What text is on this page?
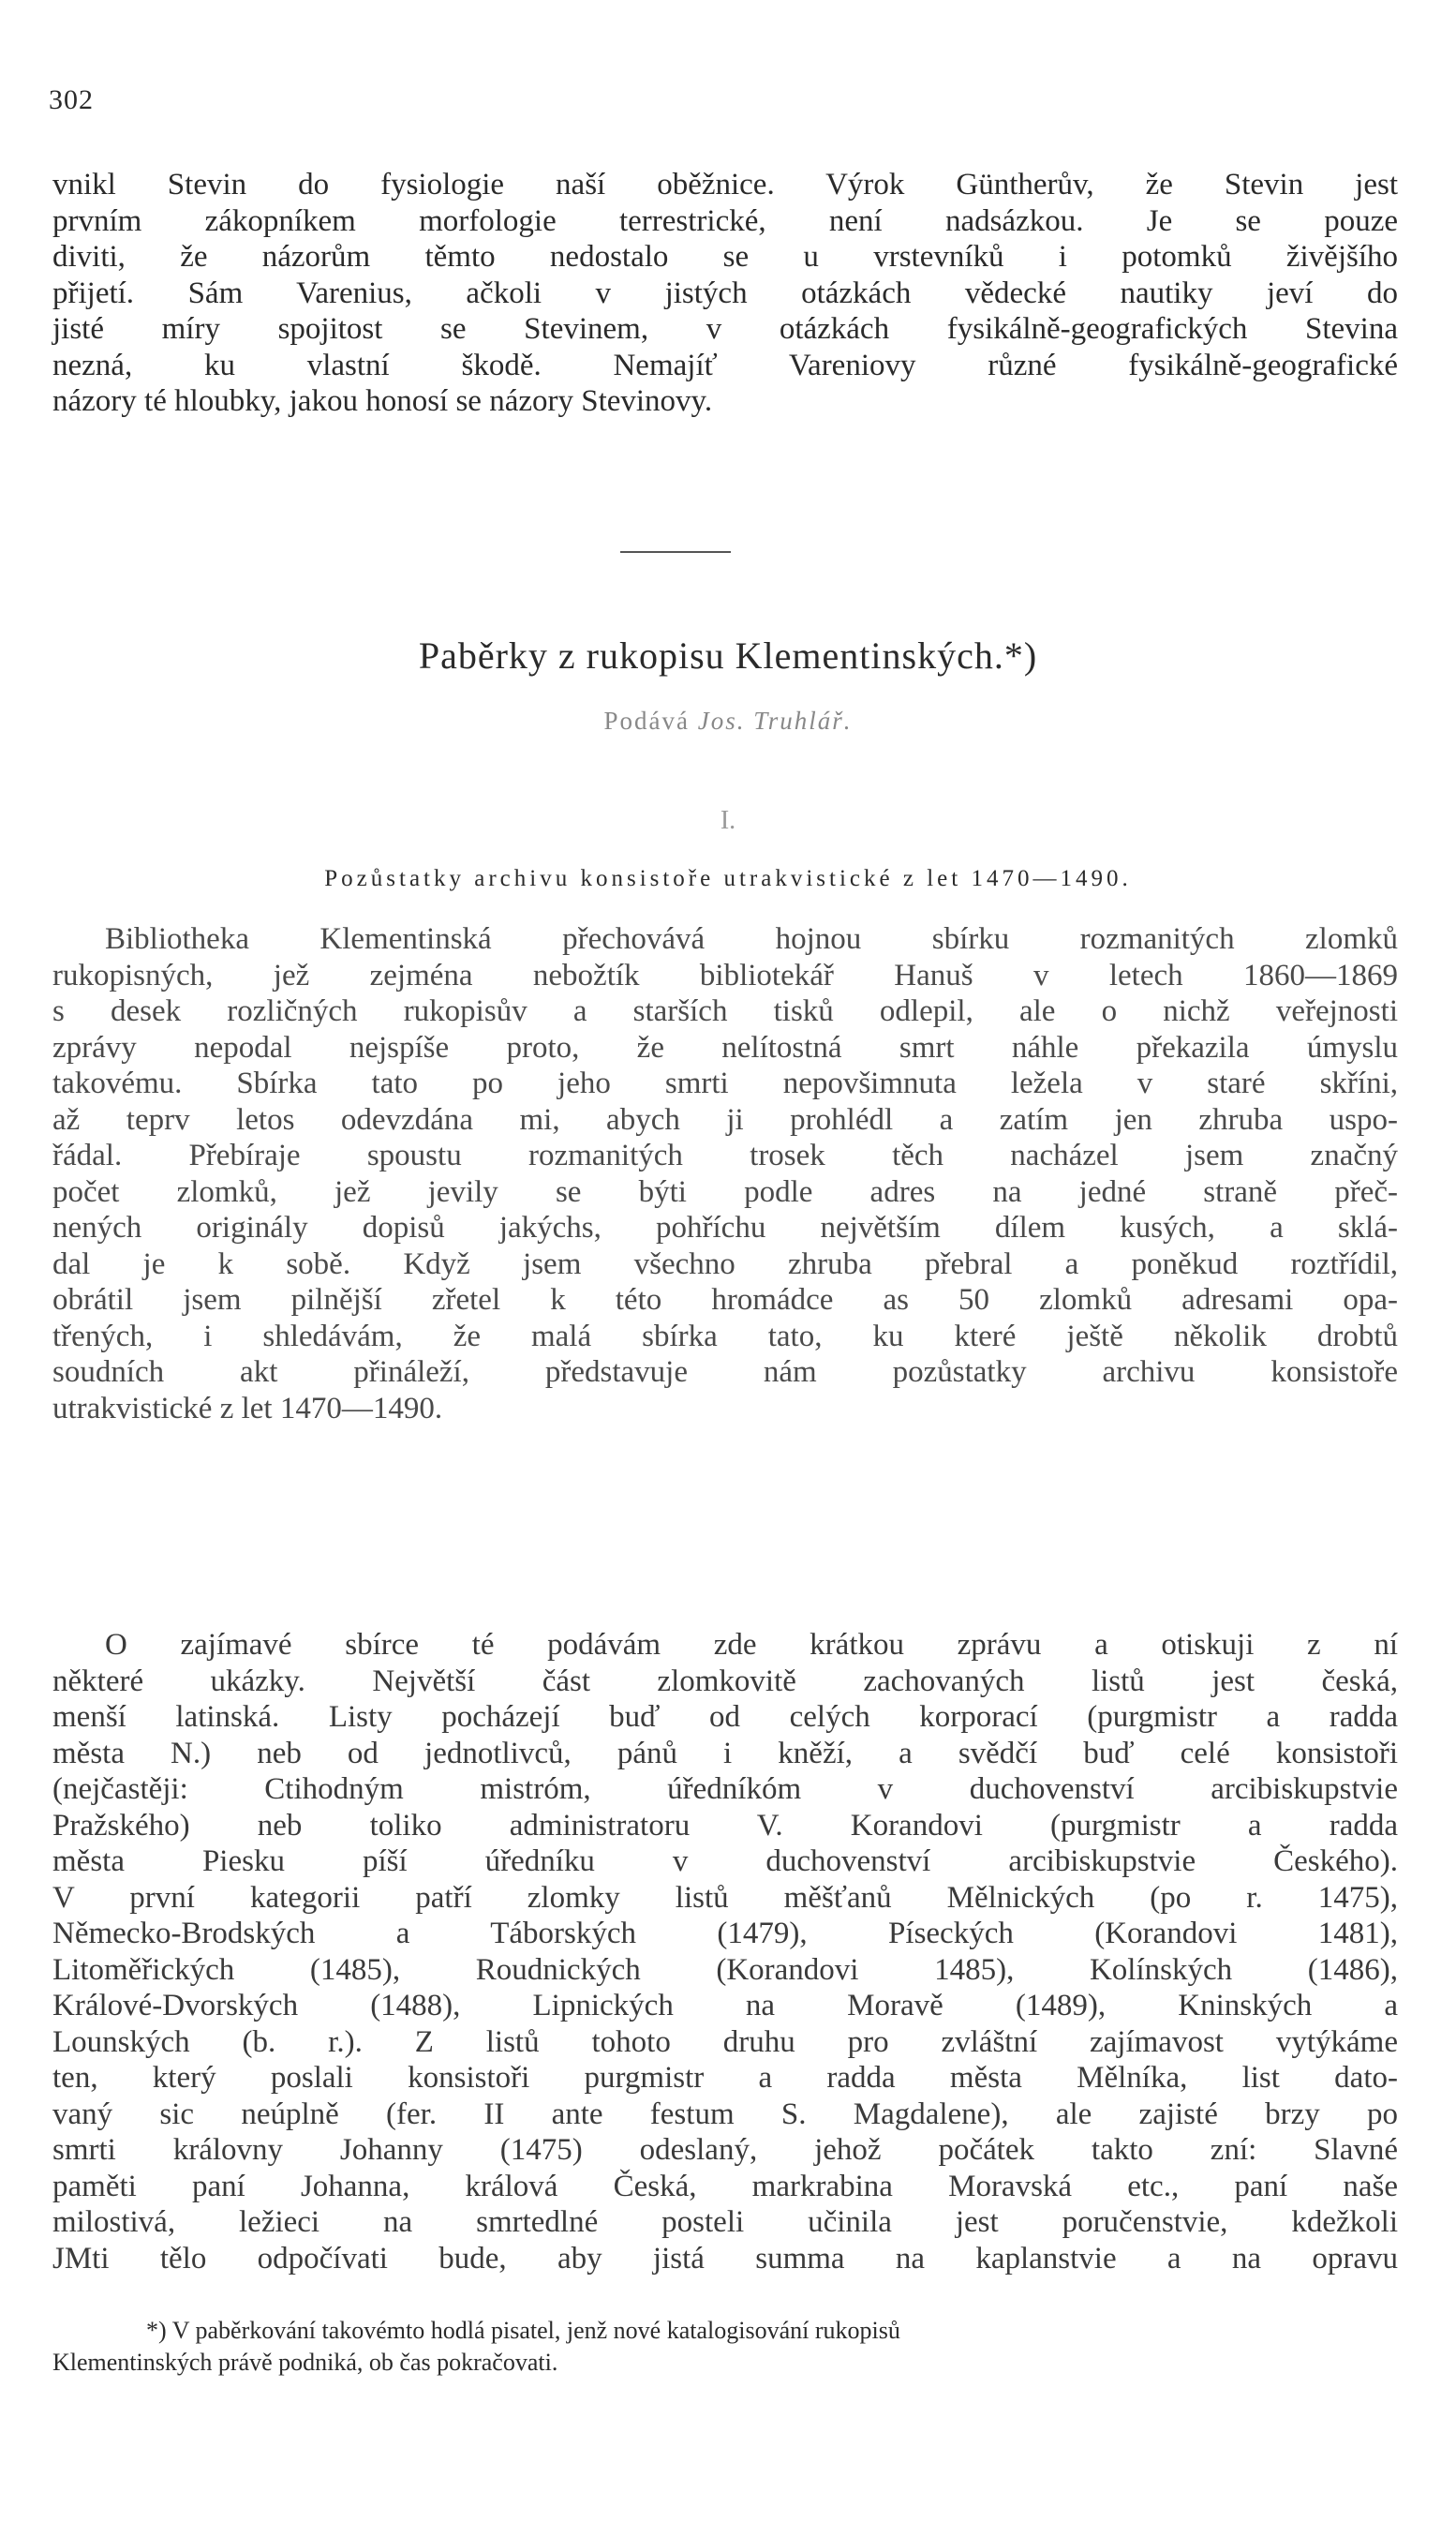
302
vnikl Stevin do fysiologie naší oběžnice. Výrok Güntherův, že Stevin jest
prvním zákopníkem morfologie terrestrické, není nadsázkou. Je se pouze
diviti, že názorům těmto nedostalo se u vrstevníků i potomků živějšího
přijetí. Sám Varenius, ačkoli v jistých otázkách vědecké nautiky jeví do
jisté míry spojitost se Stevinem, v otázkách fysikálně-geografických Stevina
nezná, ku vlastní škodě. Nemajíť Vareniovy různé fysikálně-geografické
názory té hloubky, jakou honosí se názory Stevinovy.
Paběrky z rukopisu Klementinských.*)
Podává Jos. Truhlář.
I.
Pozůstatky archivu konsistoře utrakvistické z let 1470—1490.
Bibliotheka Klementinská přechovává hojnou sbírku rozmanitých zlomků
rukopisných, jež zejména nebožtík bibliotekář Hanuš v letech 1860—1869
s desek rozličných rukopisův a starších tisků odlepil, ale o nichž veřejnosti
zprávy nepodal nejspíše proto, že nelítostná smrt náhle překazila úmyslu
takovému. Sbírka tato po jeho smrti nepovšimnuta ležela v staré skříni,
až teprv letos odevzdána mi, abych ji prohlédl a zatím jen zhruba uspo-
řádal. Přebíraje spoustu rozmanitých trosek těch nacházel jsem značný
počet zlomků, jež jevily se býti podle adres na jedné straně přeč-
nených originály dopisů jakýchs, pohříchu největším dílem kusých, a sklá-
dal je k sobě. Když jsem všechno zhruba přebral a poněkud roztřídil,
obrátil jsem pilnější zřetel k této hromádce as 50 zlomků adresami opa-
třených, i shledávám, že malá sbírka tato, ku které ještě několik drobtů
soudních akt přináleží, představuje nám pozůstatky archivu konsistoře
utrakvistické z let 1470—1490.
O zajímavé sbírce té podávám zde krátkou zprávu a otiskuji z ní
některé ukázky. Největší část zlomkovitě zachovaných listů jest česká,
menší latinská. Listy pocházejí buď od celých korporací (purgmistr a radda
města N.) neb od jednotlivců, pánů i kněží, a svědčí buď celé konsistoři
(nejčastěji: Ctihodným mistróm, úředníkóm v duchovenství arcibiskupstvie
Pražského) neb toliko administratoru V. Korandovi (purgmistr a radda
města Piesku píší úředníku v duchovenství arcibiskupstvie Českého).
V první kategorii patří zlomky listů měšťanů Mělnických (po r. 1475),
Německo-Brodských a Táborských (1479), Píseckých (Korandovi 1481),
Litoměřických (1485), Roudnických (Korandovi 1485), Kolínských (1486),
Králové-Dvorských (1488), Lipnických na Moravě (1489), Kninských a
Lounských (b. r.). Z listů tohoto druhu pro zvláštní zajímavost vytýkáme
ten, který poslali konsistoři purgmistr a radda města Mělníka, list dato-
vaný sic neúplně (fer. II ante festum S. Magdalene), ale zajisté brzy po
smrti královny Johanny (1475) odeslaný, jehož počátek takto zní: Slavné
paměti paní Johanna, králová Česká, markrabina Moravská etc., paní naše
milostivá, ležieci na smrtedlné posteli učinila jest poručenstvie, kdežkoli
JMti tělo odpočívati bude, aby jistá summa na kaplanstvie a na opravu
*) V paběrkování takovémto hodlá pisatel, jenž nové katalogisování rukopisů
Klementinských právě podniká, ob čas pokračovati.
